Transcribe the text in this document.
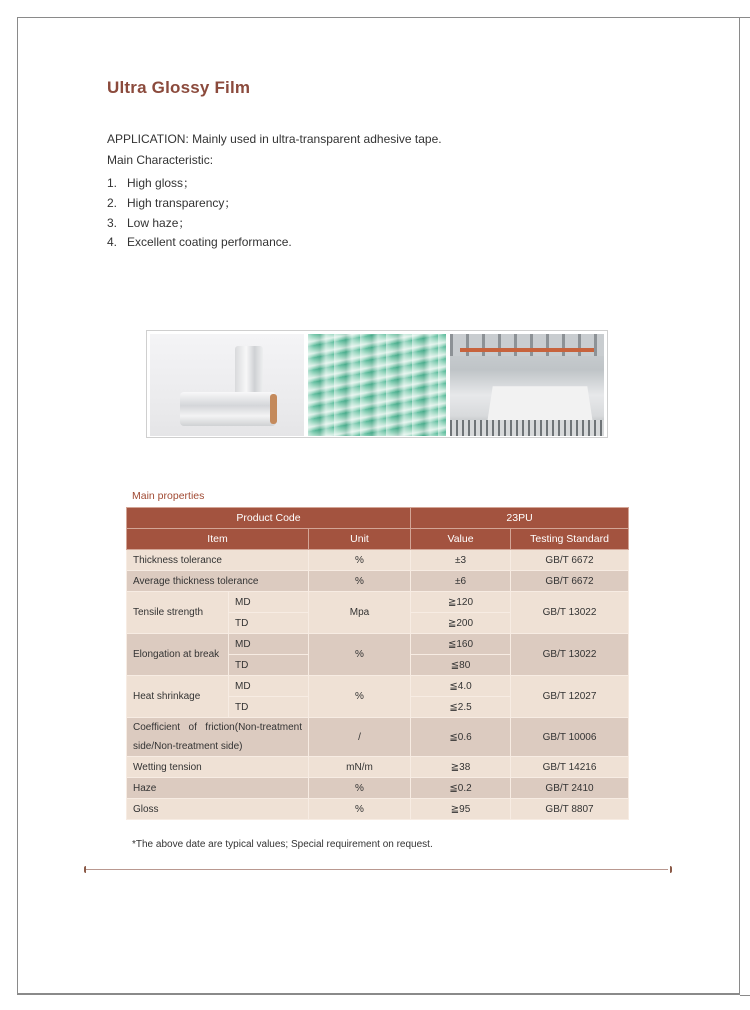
Ultra Glossy Film
APPLICATION: Mainly used in ultra-transparent adhesive tape.
Main Characteristic:
1. High gloss；
2. High transparency；
3. Low haze；
4. Excellent coating performance.
Main properties
Product Code			23PU	
Item		Unit	Value	Testing Standard
Thickness tolerance		%	±3	GB/T 6672
Average thickness tolerance		%	±6	GB/T 6672
Tensile strength	MD	Mpa	≧120	GB/T 13022
	TD		≧200	
Elongation at break	MD	%	≦160	GB/T 13022
	TD		≦80	
Heat shrinkage	MD	%	≦4.0	GB/T 12027
	TD		≦2.5	
Coefficient of friction(Non-treatment side/Non-treatment side)		/	≦0.6	GB/T 10006
Wetting tension		mN/m	≧38	GB/T 14216
Haze		%	≦0.2	GB/T 2410
Gloss		%	≧95	GB/T 8807
*The above date are typical values; Special requirement on request.
